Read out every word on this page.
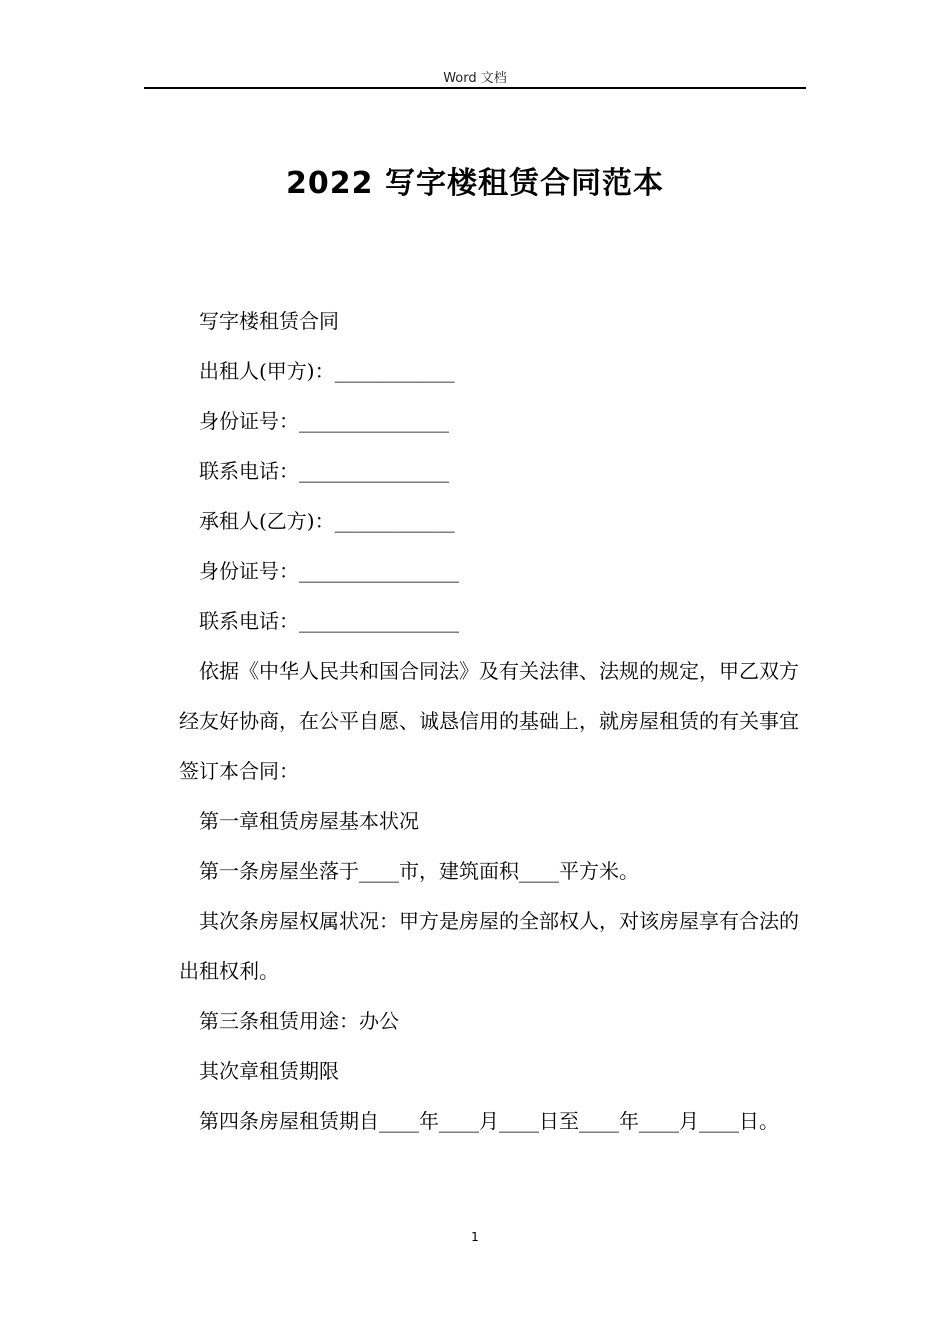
Word 文档
2022 写字楼租赁合同范本

写字楼租赁合同

出租人(甲方)：____________

身份证号：_______________

联系电话：_______________

承租人(乙方)：____________

身份证号：________________

联系电话：________________

依据《中华人民共和国合同法》及有关法律、法规的规定，甲乙双方经友好协商，在公平自愿、诚恳信用的基础上，就房屋租赁的有关事宜签订本合同：

第一章租赁房屋基本状况

第一条房屋坐落于____市，建筑面积____平方米。

其次条房屋权属状况：甲方是房屋的全部权人，对该房屋享有合法的出租权利。

第三条租赁用途：办公

其次章租赁期限

第四条房屋租赁期自____年____月____日至____年____月____日。

1
